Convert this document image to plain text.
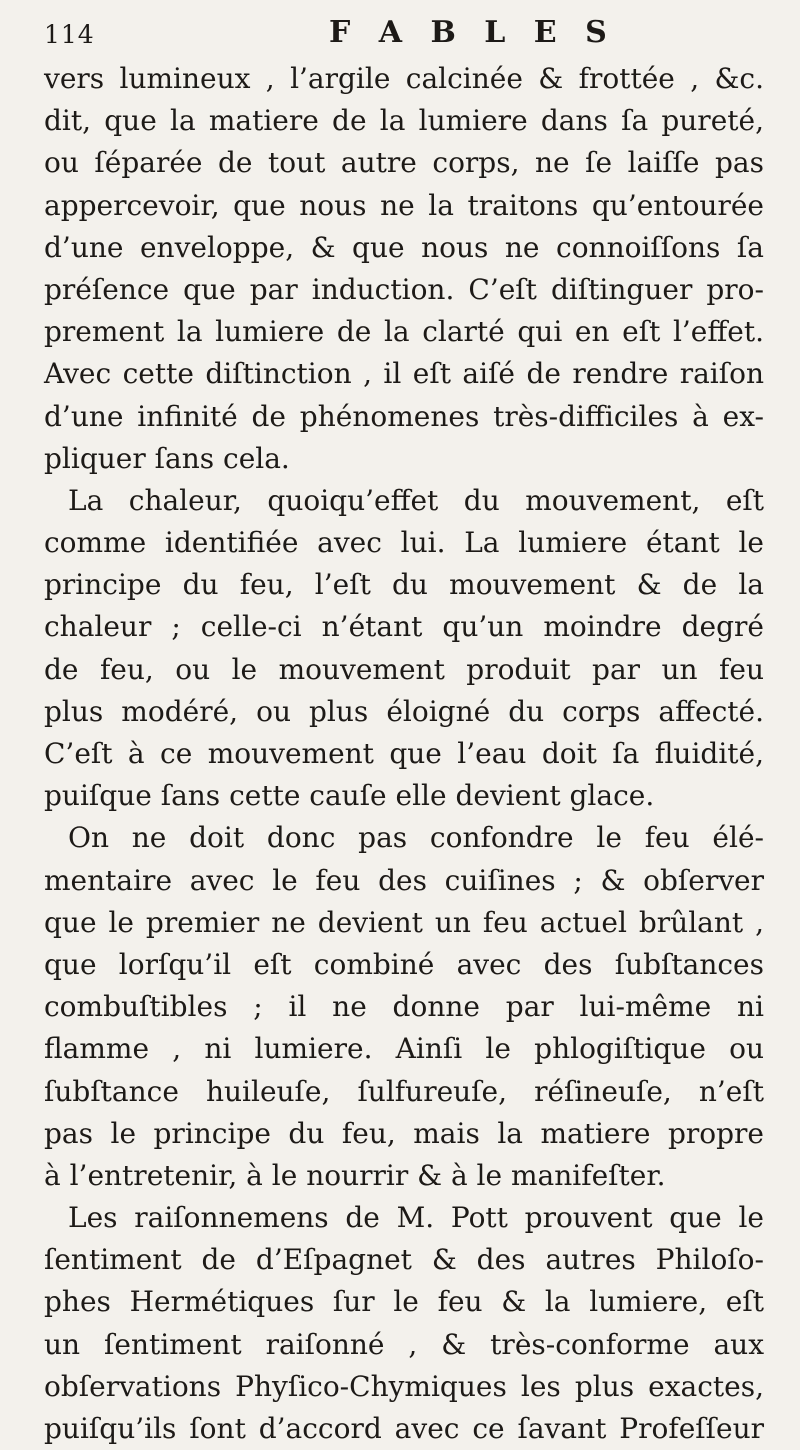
114	F A B L E S
vers lumineux , l’argile calcinée & frottée , &c.
dit, que la matiere de la lumiere dans ſa pureté,
ou ſéparée de tout autre corps, ne ſe laiſſe pas
appercevoir, que nous ne la traitons qu’entourée
d’une enveloppe, & que nous ne connoiſſons ſa
préſence que par induction. C’eſt diſtinguer pro-
prement la lumiere de la clarté qui en eſt l’effet.
Avec cette diſtinction , il eſt aiſé de rendre raiſon
d’une infinité de phénomenes très-difficiles à ex-
pliquer ſans cela.
La chaleur, quoiqu’effet du mouvement, eſt
comme identifiée avec lui. La lumiere étant le
principe du feu, l’eſt du mouvement & de la
chaleur ; celle-ci n’étant qu’un moindre degré
de feu, ou le mouvement produit par un feu
plus modéré, ou plus éloigné du corps affecté.
C’eſt à ce mouvement que l’eau doit ſa fluidité,
puiſque ſans cette cauſe elle devient glace.
On ne doit donc pas confondre le feu élé-
mentaire avec le feu des cuiſines ; & obſerver
que le premier ne devient un feu actuel brûlant ,
que lorſqu’il eſt combiné avec des ſubſtances
combuſtibles ; il ne donne par lui-même ni
flamme , ni lumiere. Ainſi le phlogiſtique ou
ſubſtance huileuſe, ſulfureuſe, réſineuſe, n’eſt
pas le principe du feu, mais la matiere propre
à l’entretenir, à le nourrir & à le manifeſter.
Les raiſonnemens de M. Pott prouvent que le
ſentiment de d’Eſpagnet & des autres Philoſo-
phes Hermétiques ſur le feu & la lumiere, eſt
un ſentiment raiſonné , & très-conforme aux
obſervations Phyſico-Chymiques les plus exactes,
puiſqu’ils ſont d’accord avec ce ſavant Profeſſeur
